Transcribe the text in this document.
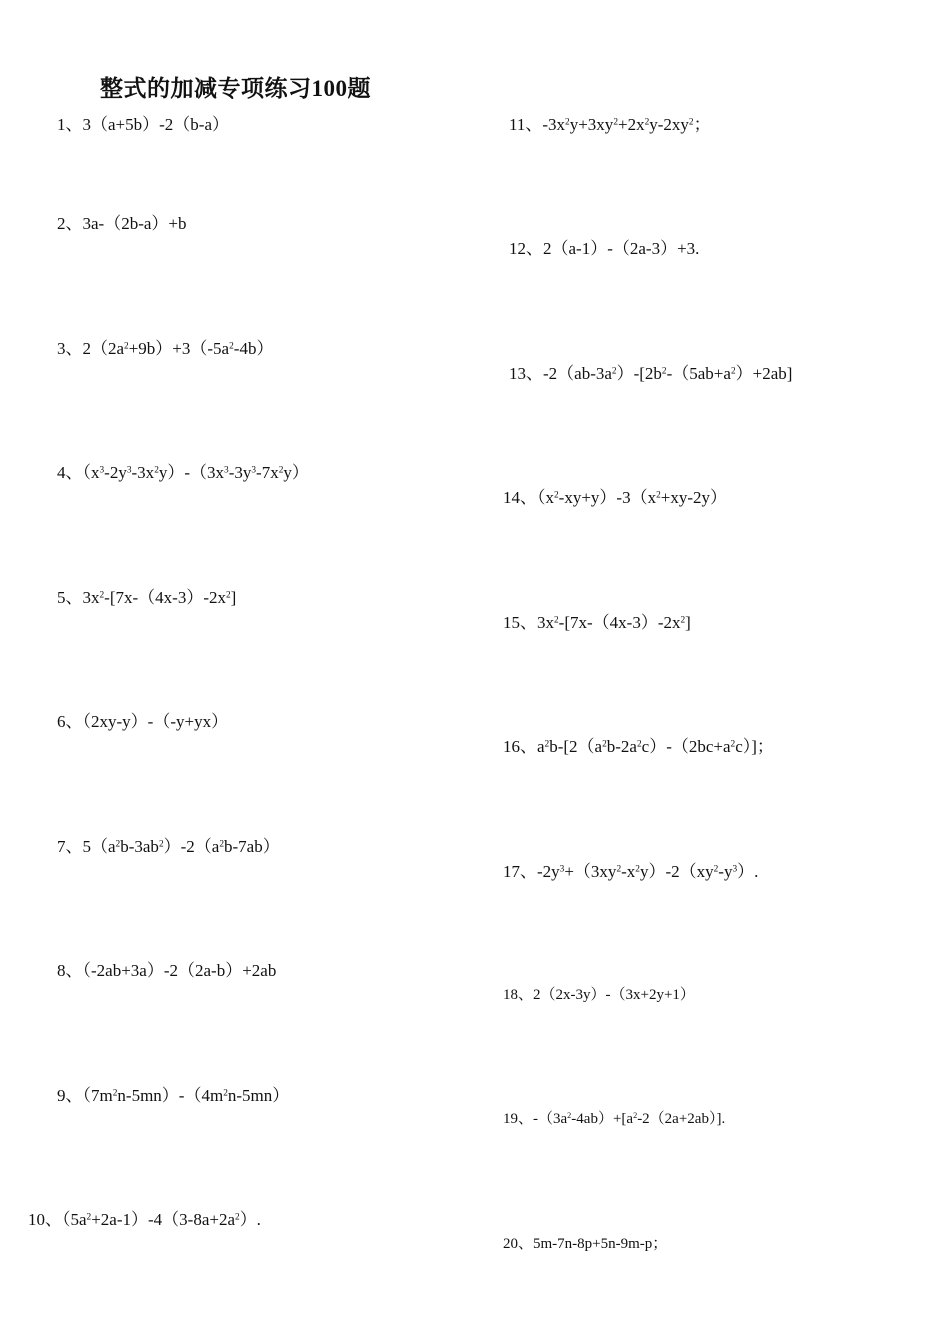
整式的加减专项练习100题
1、3（a+5b）-2（b-a）
2、3a-（2b-a）+b
3、$2(2a^2+9b)+3(-5a^2-4b)$
4、$(x^3-2y^3-3x^2y)-(3x^3-3y^3-7x^2y)$
5、$3x^2-[7x-(4x-3)-2x^2]$
6、（2xy-y）-（-y+yx）
7、$5(a^2b-3ab^2)-2(a^2b-7ab)$
8、（-2ab+3a）-2（2a-b）+2ab
9、$(7m^2n-5mn)-(4m^2n-5mn)$
10、$(5a^2+2a-1)-4(3-8a+2a^2)$.
11、$-3x^2y+3xy^2+2x^2y-2xy^2$；
12、2（a-1）-（2a-3）+3.
13、$-2(ab-3a^2)-[2b^2-(5ab+a^2)+2ab]$
14、$(x^2-xy+y)-3(x^2+xy-2y)$
15、$3x^2-[7x-(4x-3)-2x^2]$
16、$a^2b-[2(a^2b-2a^2c)-(2bc+a^2c)]$；
17、$-2y^3+(3xy^2-x^2y)-2(xy^2-y^3)$.
18、2（2x-3y）-（3x+2y+1）
19、$-(3a^2-4ab)+[a^2-2(2a+2ab)]$.
20、5m-7n-8p+5n-9m-p；
